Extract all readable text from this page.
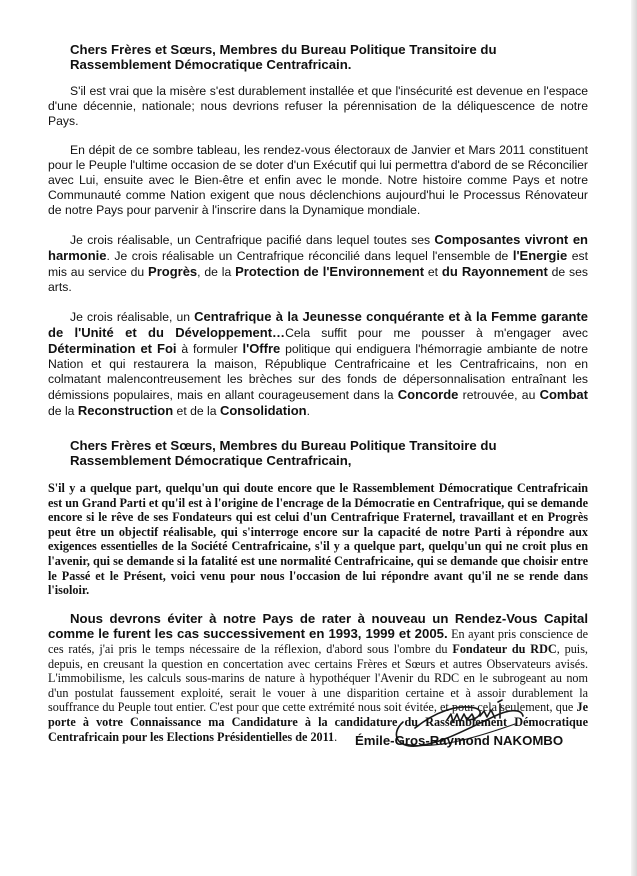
Chers Frères et Sœurs, Membres du Bureau Politique Transitoire du Rassemblement Démocratique Centrafricain.

S'il est vrai que la misère s'est durablement installée et que l'insécurité est devenue en l'espace d'une décennie, nationale; nous devrions refuser la pérennisation de la déliquescence de notre Pays.

En dépit de ce sombre tableau, les rendez-vous électoraux de Janvier et Mars 2011 constituent pour le Peuple l'ultime occasion de se doter d'un Exécutif qui lui permettra d'abord de se Réconcilier avec Lui, ensuite avec le Bien-être et enfin avec le monde. Notre histoire comme Pays et notre Communauté comme Nation exigent que nous déclenchions aujourd'hui le Processus Rénovateur de notre Pays pour parvenir à l'inscrire dans la Dynamique mondiale.

Je crois réalisable, un Centrafrique pacifié dans lequel toutes ses Composantes vivront en harmonie. Je crois réalisable un Centrafrique réconcilié dans lequel l'ensemble de l'Energie est mis au service du Progrès, de la Protection de l'Environnement et du Rayonnement de ses arts.

Je crois réalisable, un Centrafrique à la Jeunesse conquérante et à la Femme garante de l'Unité et du Développement…Cela suffit pour me pousser à m'engager avec Détermination et Foi à formuler l'Offre politique qui endiguera l'hémorragie ambiante de notre Nation et qui restaurera la maison, République Centrafricaine et les Centrafricains, non en colmatant malencontreusement les brèches sur des fonds de dépersonnalisation entraînant les démissions populaires, mais en allant courageusement dans la Concorde retrouvée, au Combat de la Reconstruction et de la Consolidation.

Chers Frères et Sœurs, Membres du Bureau Politique Transitoire du Rassemblement Démocratique Centrafricain,

S'il y a quelque part, quelqu'un qui doute encore que le Rassemblement Démocratique Centrafricain est un Grand Parti et qu'il est à l'origine de l'encrage de la Démocratie en Centrafrique, qui se demande encore si le rêve de ses Fondateurs qui est celui d'un Centrafrique Fraternel, travaillant et en Progrès peut être un objectif réalisable, qui s'interroge encore sur la capacité de notre Parti à répondre aux exigences essentielles de la Société Centrafricaine, s'il y a quelque part, quelqu'un qui ne croit plus en l'avenir, qui se demande si la fatalité est une normalité Centrafricaine, qui se demande que choisir entre le Passé et le Présent, voici venu pour nous l'occasion de lui répondre avant qu'il ne se rende dans l'isoloir.

Nous devrons éviter à notre Pays de rater à nouveau un Rendez-Vous Capital comme le furent les cas successivement en 1993, 1999 et 2005. En ayant pris conscience de ces ratés, j'ai pris le temps nécessaire de la réflexion, d'abord sous l'ombre du Fondateur du RDC, puis, depuis, en creusant la question en concertation avec certains Frères et Sœurs et autres Observateurs avisés. L'immobilisme, les calculs sous-marins de nature à hypothéquer l'Avenir du RDC en le subrogeant au nom d'un postulat faussement exploité, serait le vouer à une disparition certaine et à assoir durablement la souffrance du Peuple tout entier. C'est pour que cette extrémité nous soit évitée, et pour cela seulement, que Je porte à votre Connaissance ma Candidature à la candidature du Rassemblement Démocratique Centrafricain pour les Elections Présidentielles de 2011.	Émile-Gros-Raymond NAKOMBO
